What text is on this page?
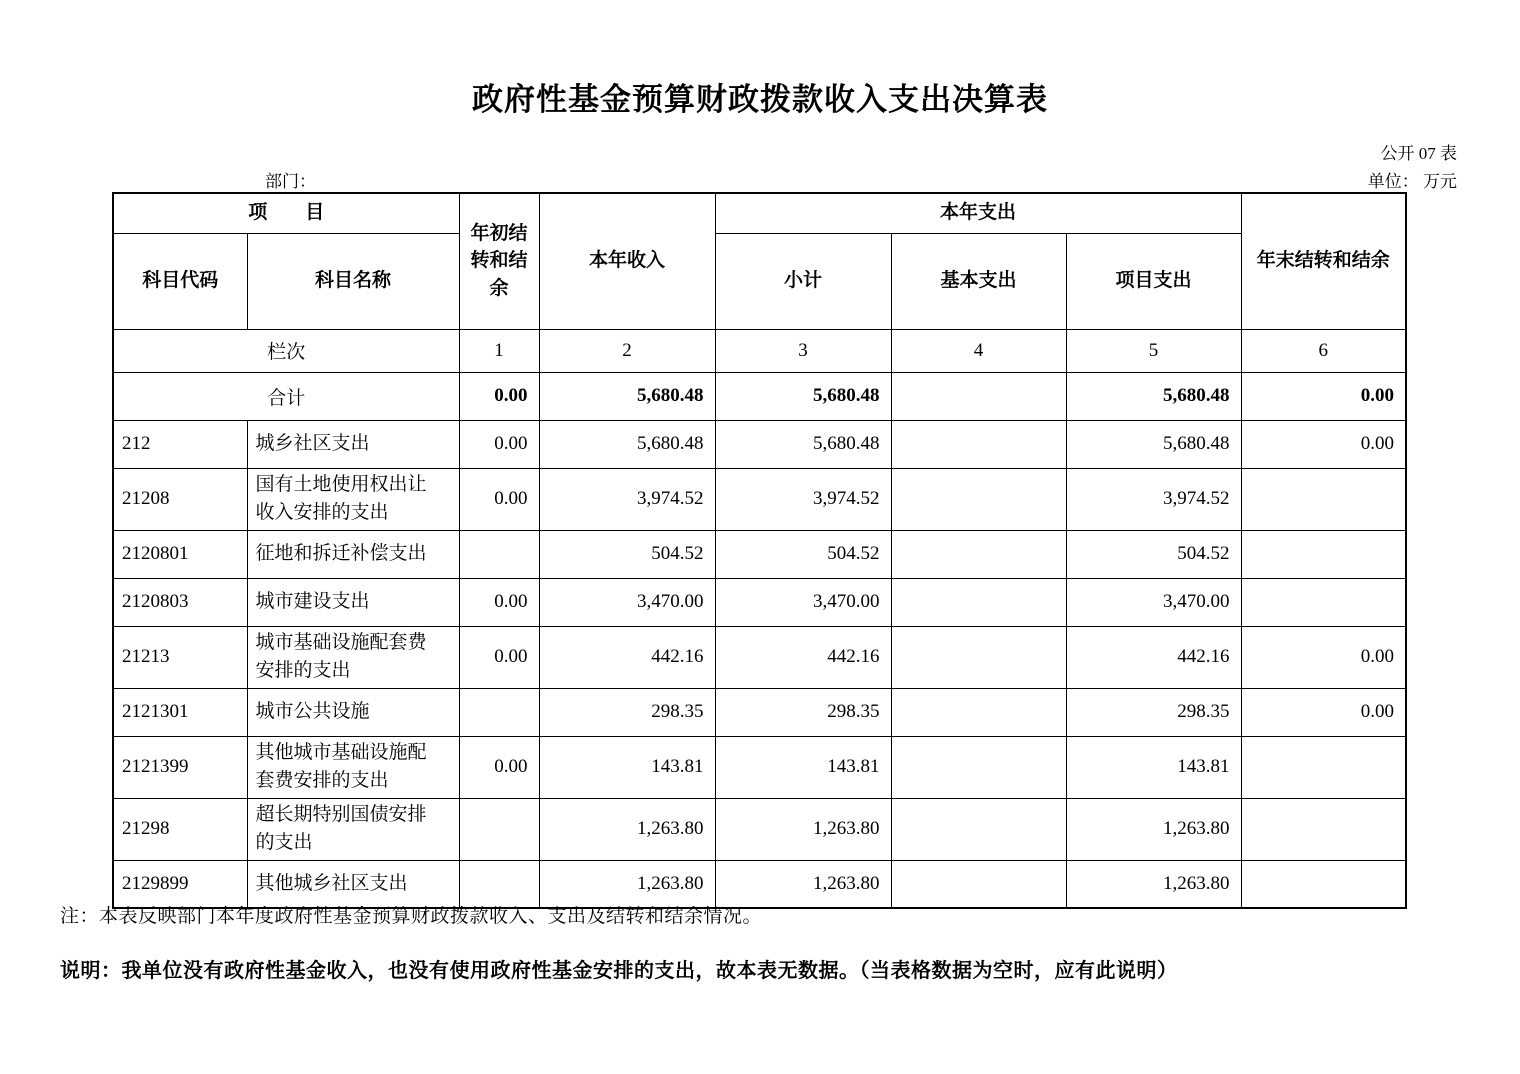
政府性基金预算财政拨款收入支出决算表
公开 07 表
部门：	单位： 万元
项　　目		年初结转和结余	本年收入	本年支出			年末结转和结余
科目代码	科目名称			小计	基本支出	项目支出	
栏次		1	2	3	4	5	6
合计		0.00	5,680.48	5,680.48		5,680.48	0.00
212	城乡社区支出	0.00	5,680.48	5,680.48		5,680.48	0.00
21208	国有土地使用权出让收入安排的支出	0.00	3,974.52	3,974.52		3,974.52	
2120801	征地和拆迁补偿支出		504.52	504.52		504.52	
2120803	城市建设支出	0.00	3,470.00	3,470.00		3,470.00	
21213	城市基础设施配套费安排的支出	0.00	442.16	442.16		442.16	0.00
2121301	城市公共设施		298.35	298.35		298.35	0.00
2121399	其他城市基础设施配套费安排的支出	0.00	143.81	143.81		143.81	
21298	超长期特别国债安排的支出		1,263.80	1,263.80		1,263.80	
2129899	其他城乡社区支出		1,263.80	1,263.80		1,263.80	
注：本表反映部门本年度政府性基金预算财政拨款收入、支出及结转和结余情况。
说明：我单位没有政府性基金收入，也没有使用政府性基金安排的支出，故本表无数据。（当表格数据为空时，应有此说明）
